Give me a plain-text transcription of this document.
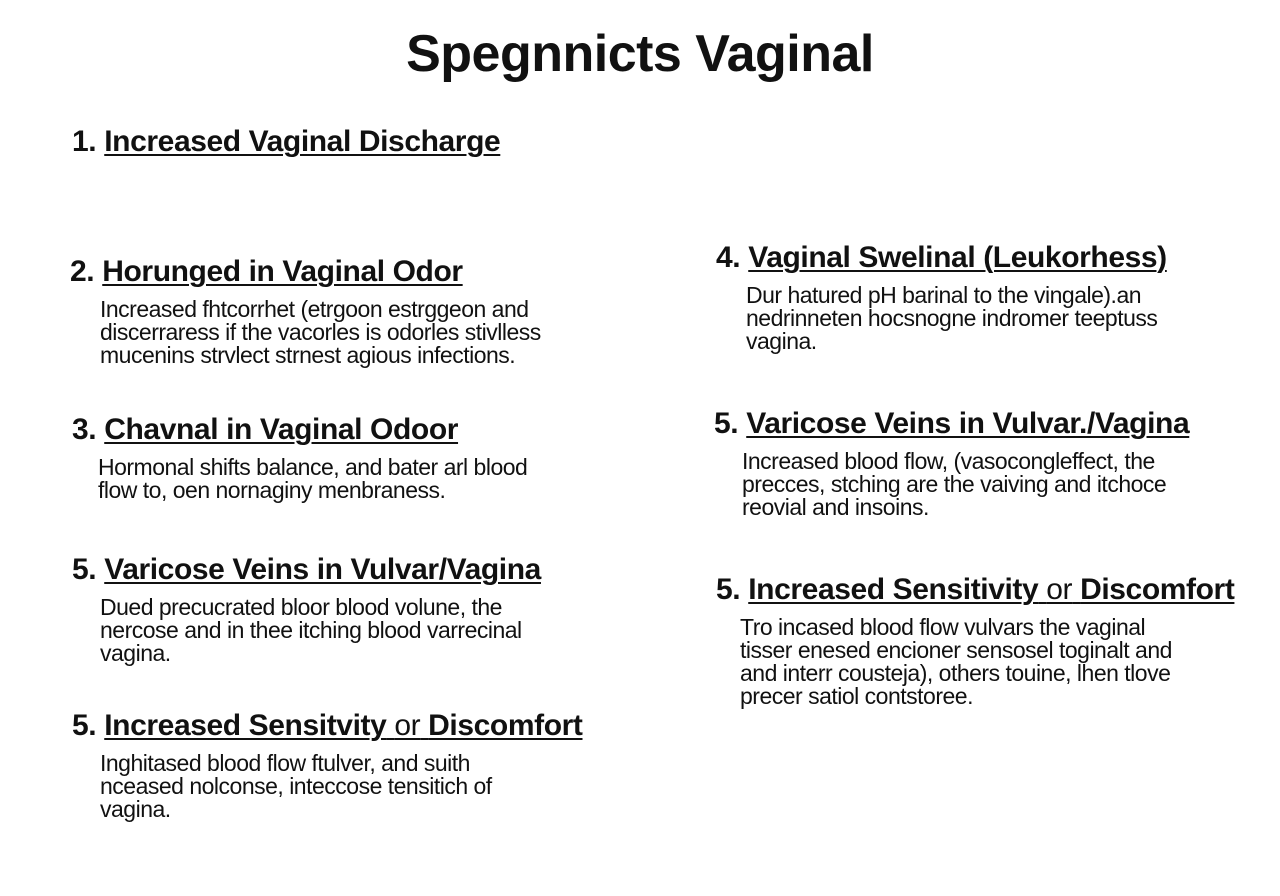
Spegnnicts Vaginal
1. Increased Vaginal Discharge
2. Horunged in Vaginal Odor
Increased fhtcorrhet (etrgoon estrggeon and
discerraress if the vacorles is odorles stivlless
mucenins strvlect strnest agious infections.
3. Chavnal in Vaginal Odoor
Hormonal shifts balance, and bater arl blood
flow to, oen nornaginy menbraness.
5. Varicose Veins in Vulvar/Vagina
Dued precucrated bloor blood volune, the
nercose and in thee itching blood varrecinal
vagina.
5. Increased Sensitvity or Discomfort
Inghitased blood flow ftulver, and suith
nceased nolconse, inteccose tensitich of
vagina.
4. Vaginal Swelinal (Leukorhess)
Dur hatured pH barinal to the vingale).an
nedrinneten hocsnogne indromer teeptuss
vagina.
5. Varicose Veins in Vulvar./Vagina
Increased blood flow, (vasocongleffect, the
precces, stching are the vaiving and itchoce
reovial and insoins.
5. Increased Sensitivity or Discomfort
Tro incased blood flow vulvars the vaginal
tisser enesed encioner sensosel toginalt and
and interr cousteja), others touine, lhen tlove
precer satiol contstoree.
